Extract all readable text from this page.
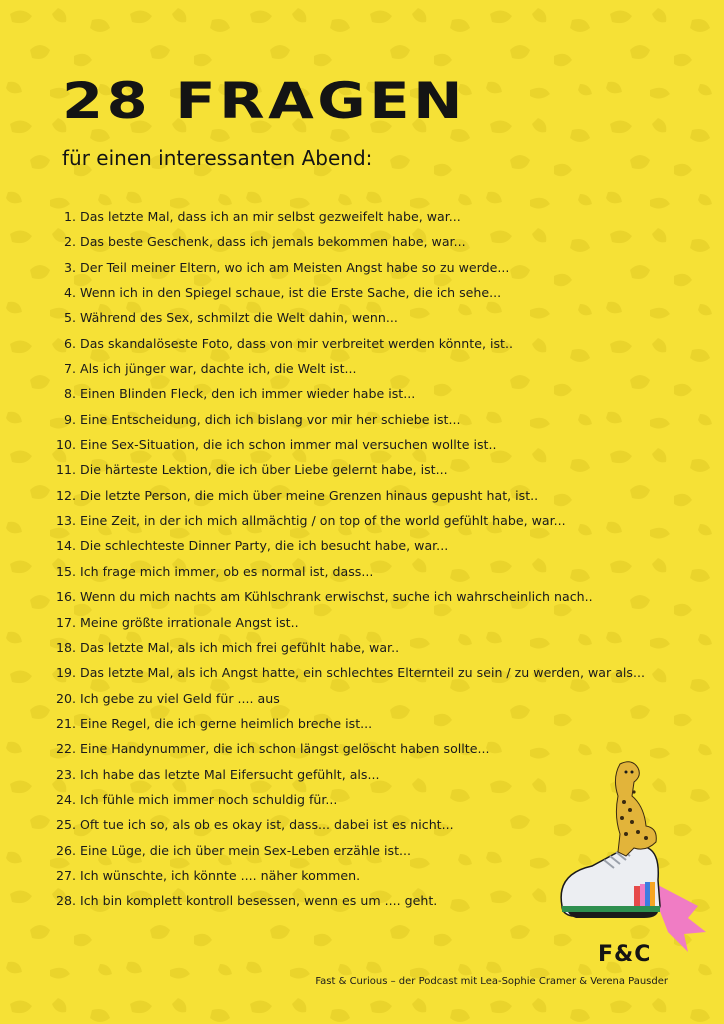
28 FRAGEN
für einen interessanten Abend:
1. Das letzte Mal, dass ich an mir selbst gezweifelt habe, war...
2. Das beste Geschenk, dass ich jemals bekommen habe, war...
3. Der Teil meiner Eltern, wo ich am Meisten Angst habe so zu werde...
4. Wenn ich in den Spiegel schaue, ist die Erste Sache, die ich sehe...
5. Während des Sex, schmilzt die Welt dahin, wenn...
6. Das skandalöseste Foto, dass von mir verbreitet werden könnte, ist..
7. Als ich jünger war, dachte ich, die Welt ist...
8. Einen Blinden Fleck, den ich immer wieder habe ist...
9. Eine Entscheidung, dich ich bislang vor mir her schiebe ist...
10. Eine Sex-Situation, die ich schon immer mal versuchen wollte ist..
11. Die härteste Lektion, die ich über Liebe gelernt habe, ist...
12. Die letzte Person, die mich über meine Grenzen hinaus gepusht hat, ist..
13. Eine Zeit, in der ich mich allmächtig / on top of the world gefühlt habe, war...
14. Die schlechteste Dinner Party, die ich besucht habe, war...
15. Ich frage mich immer, ob es normal ist, dass...
16. Wenn du mich nachts am Kühlschrank erwischst, suche ich wahrscheinlich nach..
17. Meine größte irrationale Angst ist..
18. Das letzte Mal, als ich mich frei gefühlt habe, war..
19. Das letzte Mal, als ich Angst hatte, ein schlechtes Elternteil zu sein / zu werden, war als...
20. Ich gebe zu viel Geld für .... aus
21. Eine Regel, die ich gerne heimlich breche ist...
22. Eine Handynummer, die ich schon längst gelöscht haben sollte...
23. Ich habe das letzte Mal Eifersucht gefühlt, als...
24. Ich fühle mich immer noch schuldig für...
25. Oft tue ich so, als ob es okay ist, dass... dabei ist es nicht...
26. Eine Lüge, die ich über mein Sex-Leben erzähle ist...
27. Ich wünschte, ich könnte .... näher kommen.
28. Ich bin komplett kontroll besessen, wenn es um .... geht.
F&C
Fast & Curious – der Podcast mit Lea-Sophie Cramer & Verena Pausder
